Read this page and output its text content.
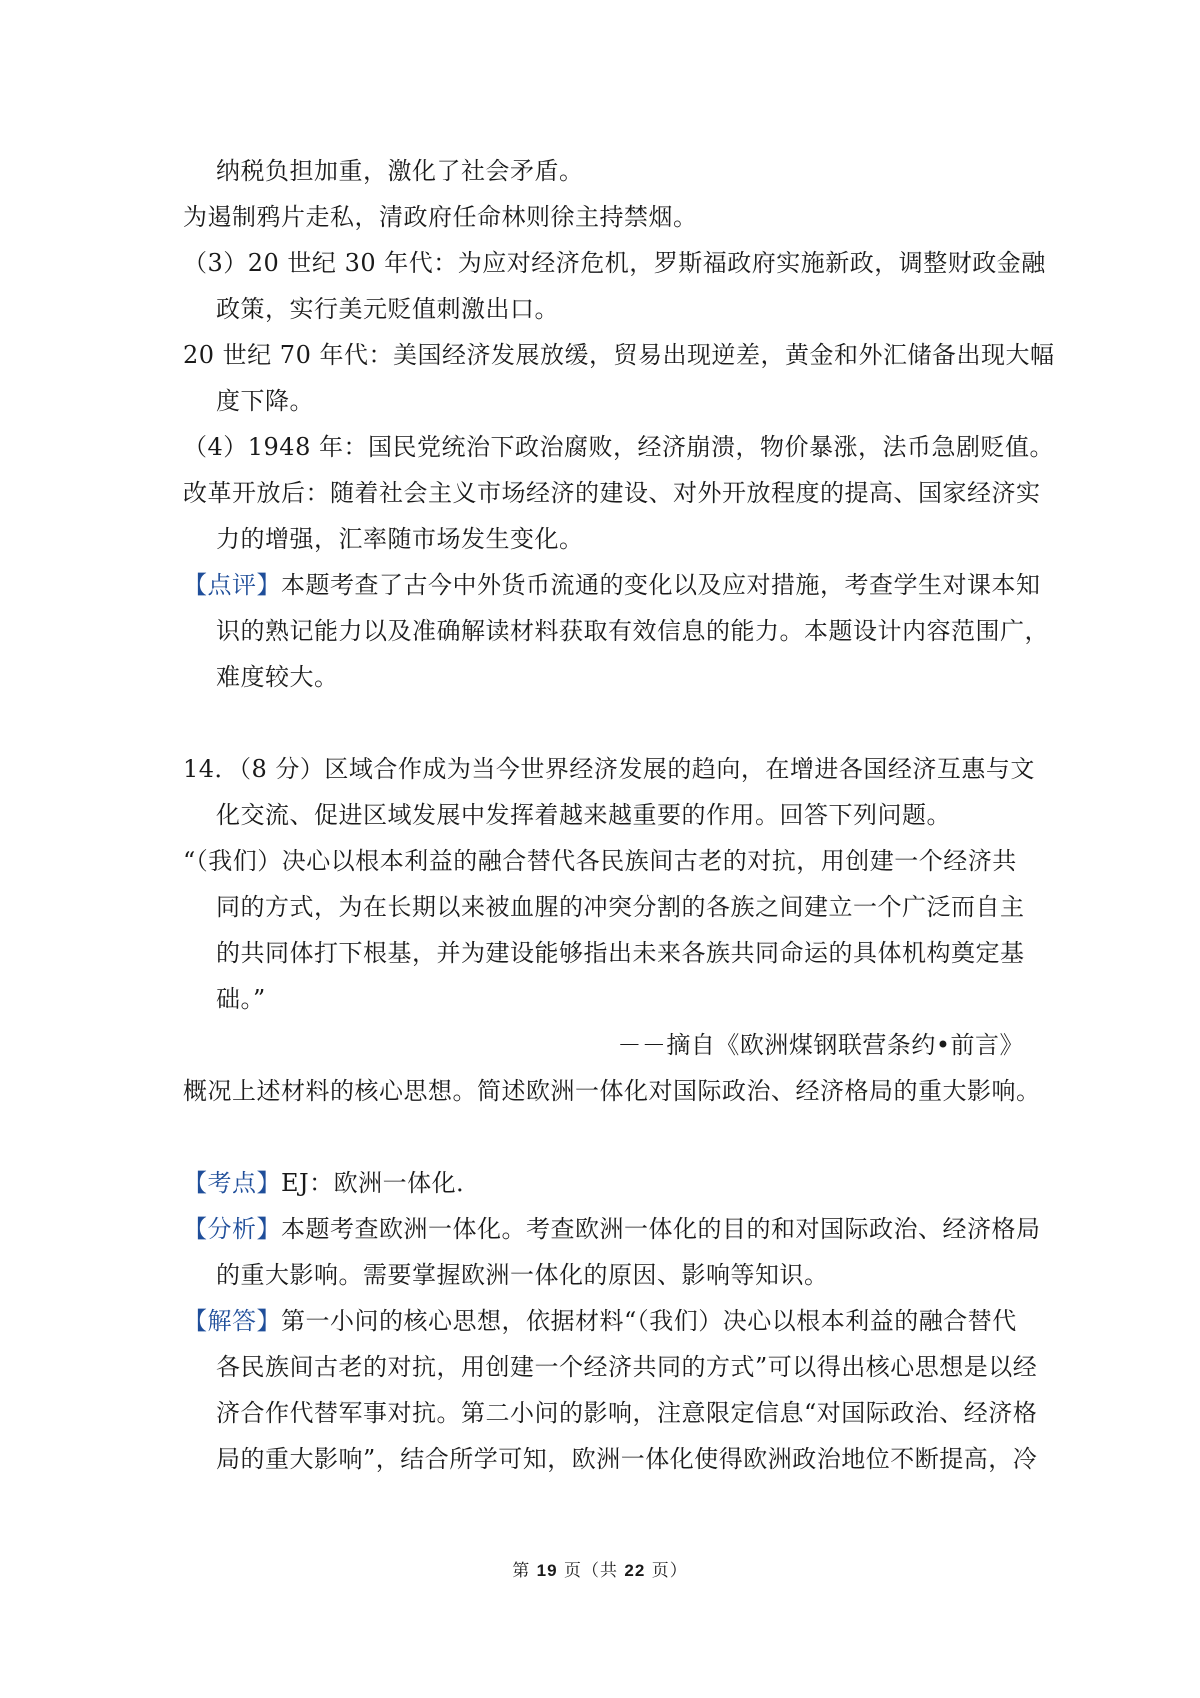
纳税负担加重，激化了社会矛盾。
为遏制鸦片走私，清政府任命林则徐主持禁烟。
（3）20 世纪 30 年代：为应对经济危机，罗斯福政府实施新政，调整财政金融
政策，实行美元贬值刺激出口。
20 世纪 70 年代：美国经济发展放缓，贸易出现逆差，黄金和外汇储备出现大幅
度下降。
（4）1948 年：国民党统治下政治腐败，经济崩溃，物价暴涨，法币急剧贬值。
改革开放后：随着社会主义市场经济的建设、对外开放程度的提高、国家经济实
力的增强，汇率随市场发生变化。
【点评】本题考查了古今中外货币流通的变化以及应对措施，考查学生对课本知
识的熟记能力以及准确解读材料获取有效信息的能力。本题设计内容范围广，
难度较大。
14．（8 分）区域合作成为当今世界经济发展的趋向，在增进各国经济互惠与文
化交流、促进区域发展中发挥着越来越重要的作用。回答下列问题。
“（我们）决心以根本利益的融合替代各民族间古老的对抗，用创建一个经济共
同的方式，为在长期以来被血腥的冲突分割的各族之间建立一个广泛而自主
的共同体打下根基，并为建设能够指出未来各族共同命运的具体机构奠定基
础。”
－－摘自《欧洲煤钢联营条约•前言》
概况上述材料的核心思想。简述欧洲一体化对国际政治、经济格局的重大影响。
【考点】EJ：欧洲一体化．
【分析】本题考查欧洲一体化。考查欧洲一体化的目的和对国际政治、经济格局
的重大影响。需要掌握欧洲一体化的原因、影响等知识。
【解答】第一小问的核心思想，依据材料“（我们）决心以根本利益的融合替代
各民族间古老的对抗，用创建一个经济共同的方式”可以得出核心思想是以经
济合作代替军事对抗。第二小问的影响，注意限定信息“对国际政治、经济格
局的重大影响”，结合所学可知，欧洲一体化使得欧洲政治地位不断提高，冷
第 19 页（共 22 页）
